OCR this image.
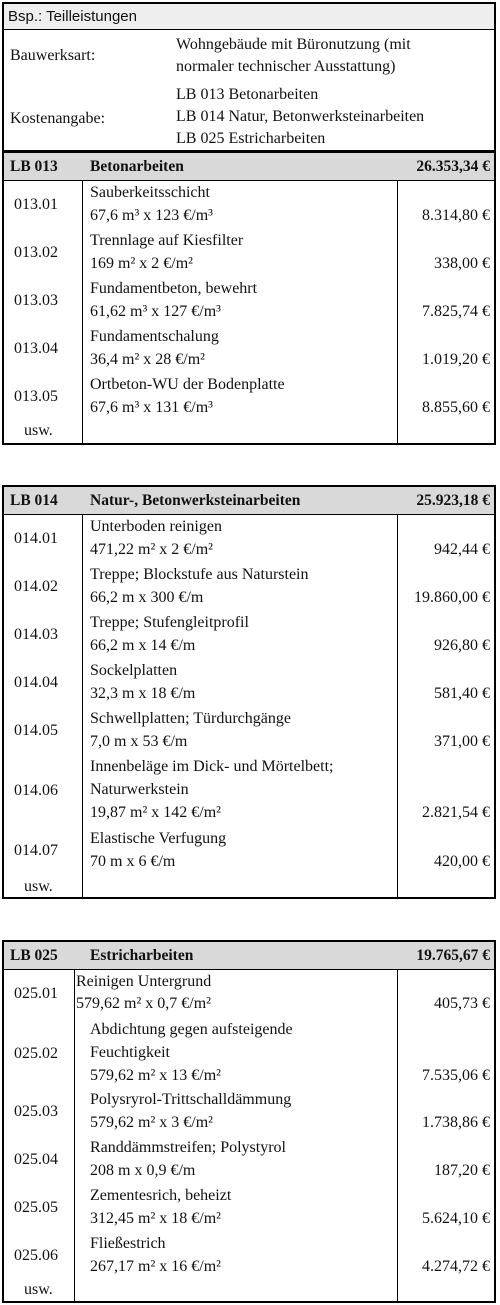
Bsp.: Teilleistungen
Bauwerksart:
Wohngebäude mit Büronutzung (mit
normaler technischer Ausstattung)
Kostenangabe:
LB 013 Betonarbeiten
LB 014 Natur, Betonwerksteinarbeiten
LB 025 Estricharbeiten
LB 013 Betonarbeiten	26.353,34 €
013.01
Sauberkeitsschicht
67,6 m³ x 123 €/m³	8.314,80 €
013.02
Trennlage auf Kiesfilter
169 m² x 2 €/m²	338,00 €
013.03
Fundamentbeton, bewehrt
61,62 m³ x 127 €/m³	7.825,74 €
013.04
Fundamentschalung
36,4 m² x 28 €/m²	1.019,20 €
013.05
Ortbeton-WU der Bodenplatte
67,6 m³ x 131 €/m³	8.855,60 €
usw.
LB 014 Natur-, Betonwerksteinarbeiten	25.923,18 €
014.01
Unterboden reinigen
471,22 m² x 2 €/m²	942,44 €
014.02
Treppe; Blockstufe aus Naturstein
66,2 m x 300 €/m	19.860,00 €
014.03
Treppe; Stufengleitprofil
66,2 m x 14 €/m	926,80 €
014.04
Sockelplatten
32,3 m x 18 €/m	581,40 €
014.05
Schwellplatten; Türdurchgänge
7,0 m x 53 €/m	371,00 €
014.06
Innenbeläge im Dick- und Mörtelbett;
Naturwerkstein
19,87 m² x 142 €/m²	2.821,54 €
014.07
Elastische Verfugung
70 m x 6 €/m	420,00 €
usw.
LB 025 Estricharbeiten	19.765,67 €
025.01
Reinigen Untergrund
579,62 m² x 0,7 €/m²	405,73 €
025.02
Abdichtung gegen aufsteigende
Feuchtigkeit
579,62 m² x 13 €/m²	7.535,06 €
025.03
Polysryrol-Trittschalldämmung
579,62 m² x 3 €/m²	1.738,86 €
025.04
Randdämmstreifen; Polystyrol
208 m x 0,9 €/m	187,20 €
025.05
Zementesrich, beheizt
312,45 m² x 18 €/m²	5.624,10 €
025.06
Fließestrich
267,17 m² x 16 €/m²	4.274,72 €
usw.
